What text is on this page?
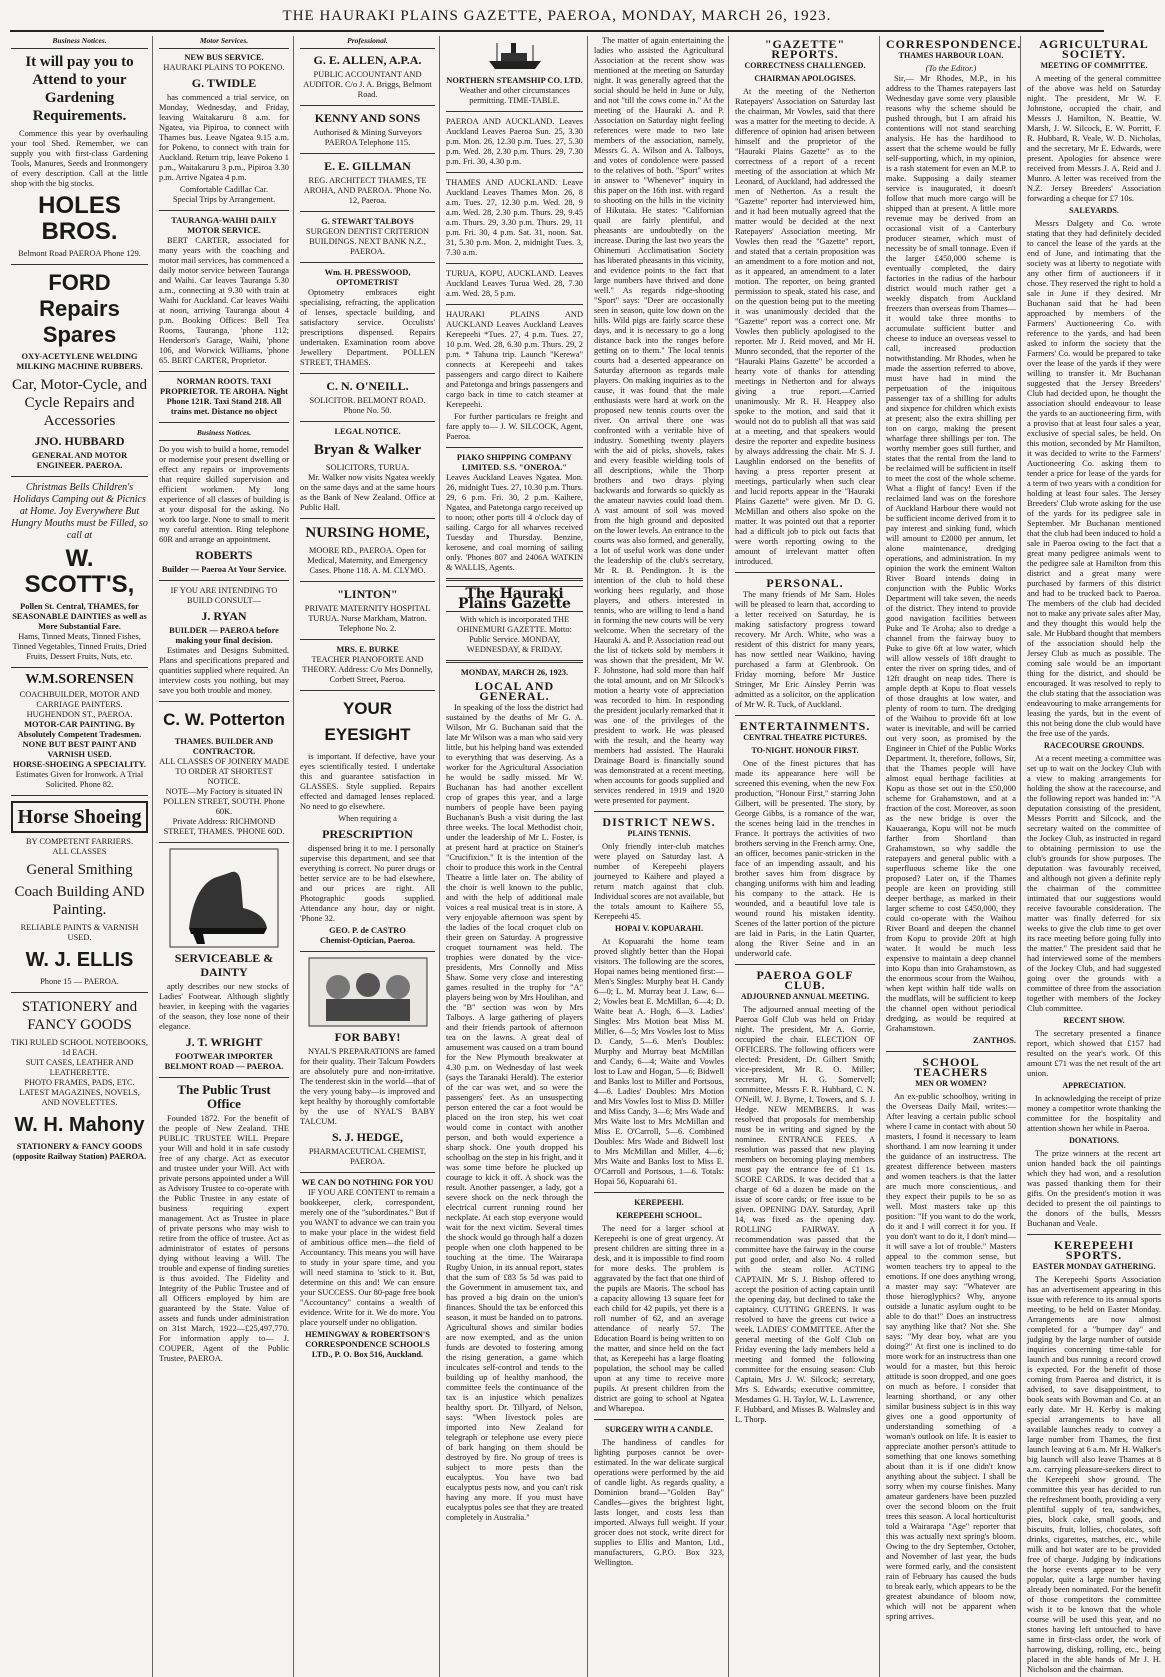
THE HAURAKI PLAINS GAZETTE, PAEROA, MONDAY, MARCH 26, 1923.
Business Notices.
It will pay you to Attend to your Gardening Requirements.

Commence this year by overhauling your tool Shed. Remember, we can supply you with first-class Gardening Tools, Manures, Seeds and Ironmongery of every description. Call at the little shop with the big stocks.

HOLES BROS.
Belmont Road PAEROA Phone 129.
FORD Repairs Spares
OXY-ACETYLENE WELDING
MILKING MACHINE RUBBERS.
Car, Motor-Cycle, and Cycle Repairs and Accessories
JNO. HUBBARD
GENERAL AND MOTOR ENGINEER. PAEROA.
Christmas Bells Children's Holidays Camping out & Picnics at Home. Joy Everywhere But Hungry Mouths must be Filled, so call at
W. SCOTT'S,
Pollen St. Central, THAMES, for SEASONABLE DAINTIES as well as More Substantial Fare.
Hams, Tinned Meats, Tinned Fishes, Tinned Vegetables, Tinned Fruits, Dried Fruits, Dessert Fruits, Nuts, etc.
W.M.SORENSEN
COACHBUILDER, MOTOR AND CARRIAGE PAINTERS. HUGHENDON ST., PAEROA.
MOTOR-CAR PAINTING. By Absolutely Competent Tradesmen.
NONE BUT BEST PAINT AND VARNISH USED.
HORSE-SHOEING A SPECIALITY.
Estimates Given for Ironwork. A Trial Solicited. Phone 82.
Horse Shoeing
BY COMPETENT FARRIERS.
ALL CLASSES
General Smithing
Coach Building AND Painting.
RELIABLE PAINTS & VARNISH USED.
W. J. ELLIS
Phone 15 — PAEROA.
STATIONERY and FANCY GOODS
TIKI RULED SCHOOL NOTEBOOKS, 1d EACH.
SUIT CASES, LEATHER AND LEATHERETTE.
PHOTO FRAMES, PADS, ETC.
LATEST MAGAZINES, NOVELS, AND NOVELETTES.
W. H. Mahony
STATIONERY & FANCY GOODS (opposite Railway Station) PAEROA.
Motor Services.
NEW BUS SERVICE.
HAURAKI PLAINS TO POKENO.
G. TWIDLE

has commenced a trial service, on Monday, Wednesday, and Friday, leaving Waitakaruru 8 a.m. for Ngatea, via Pipiroa, to connect with Thames bus. Leave Ngatea 9.15 a.m. for Pokeno, to connect with train for Auckland. Return trip, leave Pokeno 1 p.m., Waitakaruru 3 p.m., Pipiroa 3.30 p.m. Arrive Ngatea 4 p.m.

Comfortable Cadillac Car.
Special Trips by Arrangement.
TAURANGA-WAIHI DAILY MOTOR SERVICE.

BERT CARTER, associated for many years with the coaching and motor mail services, has commenced a daily motor service between Tauranga and Waihi. Car leaves Tauranga 5.30 a.m., connecting at 9.30 with train at Waihi for Auckland. Car leaves Waihi at noon, arriving Tauranga about 4 p.m. Booking Offices: Bell Tea Rooms, Tauranga, 'phone 112; Henderson's Garage, Waihi, 'phone 106, and Worwick Williams, 'phone 65. BERT CARTER, Proprietor.

NORMAN ROOTS. TAXI PROPRIETOR. TE AROHA. Night Phone 121R. Taxi Stand 218. All trains met. Distance no object
Business Notices.

Do you wish to build a home, remodel or modernise your present dwelling or effect any repairs or improvements that require skilled supervision and efficient workmen. My long experience of all classes of building is at your disposal for the asking. No work too large. None to small to merit my careful attention. Ring telephone 60R and arrange an appointment.

ROBERTS
Builder — Paeroa At Your Service.
IF YOU ARE INTENDING TO BUILD CONSULT—
J. RYAN
BUILDER — PAEROA before making your final decision.

Estimates and Designs Submitted. Plans and specifications prepared and quantities supplied where required. An interview costs you nothing, but may save you both trouble and money.

C. W. Potterton
THAMES. BUILDER AND CONTRACTOR.
ALL CLASSES OF JOINERY MADE TO ORDER AT SHORTEST NOTICE.
NOTE—My Factory is situated IN POLLEN STREET, SOUTH. Phone 60K.
Private Address: RICHMOND STREET, THAMES. 'PHONE 60D.
SERVICEABLE & DAINTY

aptly describes our new stocks of Ladies' Footwear. Although slightly heavier, in keeping with the vagaries of the season, they lose none of their elegance.

J. T. WRIGHT
FOOTWEAR IMPORTER BELMONT ROAD — PAEROA.
The Public Trust Office

Founded 1872. For the benefit of the people of New Zealand. THE PUBLIC TRUSTEE WILL Prepare your Will and hold it in safe custody free of any charge. Act as executor and trustee under your Will. Act with private persons appointed under a Will as Advisory Trustee to co-operate with the Public Trustee in any estate of business requiring expert management. Act as Trustee in place of private persons who may wish to retire from the office of trustee. Act as administrator of estates of persons dying without leaving a Will. The trouble and expense of finding sureties is thus avoided. The Fidelity and Integrity of the Public Trustee and of all Officers employed by him are guaranteed by the State. Value of assets and funds under administration on 31st March, 1922—£25,497,770. For information apply to— J. COUPER, Agent of the Public Trustee, PAEROA.

Professional.
G. E. ALLEN, A.P.A.
PUBLIC ACCOUNTANT AND AUDITOR. C/o J. A. Briggs, Belmont Road.
KENNY AND SONS
Authorised & Mining Surveyors PAEROA Telephone 115.
E. E. GILLMAN
REG. ARCHITECT THAMES, TE AROHA, AND PAEROA. 'Phone No. 12, Paeroa.
G. STEWART TALBOYS
SURGEON DENTIST CRITERION BUILDINGS. NEXT BANK N.Z., PAEROA.
Wm. H. PRESSWOOD, OPTOMETRIST

Optometry embraces eight specialising, refracting, the application of lenses, spectacle building, and satisfactory service. Occulists' prescriptions dispensed. Repairs undertaken. Examination room above Jewellery Department. POLLEN STREET, THAMES.

C. N. O'NEILL.
SOLICITOR. BELMONT ROAD. Phone No. 50.
LEGAL NOTICE.
Bryan & Walker
SOLICITORS, TURUA.

Mr. Walker now visits Ngatea weekly on the same days and at the same hours as the Bank of New Zealand. Office at Public Hall.

NURSING HOME,
MOORE RD., PAEROA. Open for Medical, Maternity, and Emergency Cases. Phone 118. A. M. CLYMO.
"LINTON"
PRIVATE MATERNITY HOSPITAL TURUA. Nurse Markham, Matron. Telephone No. 2.
MRS. E. BURKE
TEACHER PIANOFORTE AND THEORY. Address: C/o Mrs Donnelly, Corbett Street, Paeroa.
YOUR EYESIGHT

is important. If defective, have your eyes scientifically tested. I undertake this and guarantee satisfaction in GLASSES. Style supplied. Repairs effected and damaged lenses replaced. No need to go elsewhere.

When requiring a
PRESCRIPTION

dispensed bring it to me. I personally supervise this department, and see that everything is correct. No purer drugs or better service are to be had elsewhere, and our prices are right. All Photographic goods supplied. Attendance any hour, day or night. 'Phone 32.

GEO. P. de CASTRO
Chemist-Optician, Paeroa.
FOR BABY!

NYAL'S PREPARATIONS are famed for their quality. Their Talcum Powders are absolutely pure and non-irritative. The tenderest skin in the world—that of the very young baby—is improved and kept healthy by thoroughly comfortable by the use of NYAL'S BABY TALCUM.

S. J. HEDGE,
PHARMACEUTICAL CHEMIST, PAEROA.
WE CAN DO NOTHING FOR YOU

IF YOU ARE CONTENT to remain a bookkeeper, clerk, correspondent, merely one of the "subordinates." But if you WANT to advance we can train you to make your place in the widest field of ambitious office men—the field of Accountancy. This means you will have to study in your spare time, and you will need stamina to 'stick to it. But, determine on this and! We can ensure your SUCCESS. Our 80-page free book "Accountancy" contains a wealth of evidence. Write for it. We do more. You place yourself under no obligation.

HEMINGWAY & ROBERTSON'S CORRESPONDENCE SCHOOLS LTD., P. O. Box 516, Auckland.
NORTHERN STEAMSHIP CO. LTD.
Weather and other circumstances permitting. TIME-TABLE.

PAEROA AND AUCKLAND. Leaves Auckland Leaves Paeroa Sun. 25, 3.30 p.m. Mon. 26, 12.30 p.m. Tues. 27, 5.30 p.m. Wed. 28, 2.30 p.m. Thurs. 29, 7.30 p.m. Fri. 30, 4.30 p.m.

THAMES AND AUCKLAND. Leave Auckland Leaves Thames Mon. 26, 8 a.m. Tues. 27, 12.30 p.m. Wed. 28, 9 a.m. Wed. 28, 2.30 p.m. Thurs. 29, 9.45 a.m. Thurs. 29, 3.30 p.m. Thurs. 29, 11 p.m. Fri. 30, 4 p.m. Sat. 31, noon. Sat. 31, 5.30 p.m. Mon. 2, midnight Tues. 3, 7.30 a.m.

TURUA, KOPU, AUCKLAND. Leaves Auckland Leaves Turua Wed. 28, 7.30 a.m. Wed. 28, 5 p.m.

HAURAKI PLAINS AND AUCKLAND Leaves Auckland Leaves Kerepeehi *Tues. 27, 4 p.m. Tues. 27, 10 p.m. Wed. 28, 6.30 p.m. Thurs. 29, 2 p.m. * Tahuna trip. Launch "Kerewa" connects at Kerepeehi and takes passengers and cargo direct to Kaihere and Patetonga and brings passengers and cargo back in time to catch steamer at Kerepeehi.

For further particulars re freight and fare apply to— J. W. SILCOCK, Agent, Paeroa.

PIAKO SHIPPING COMPANY LIMITED. S.S. "ONEROA."

Leaves Auckland Leaves Ngatea. Mon. 26, midnight Tues. 27, 10.30 p.m. Thurs. 29, 6 p.m. Fri. 30, 2 p.m. Kaihere, Ngatea, and Patetonga cargo received up to noon; other ports till 4 o'clock day of sailing. Cargo for all wharves received Tuesday and Thursday. Benzine, kerosene, and coal morning of sailing only. 'Phones 807 and 2406A WATKIN & WALLIS, Agents.

The Hauraki Plains Gazette
With which is incorporated THE OHINEMURI GAZETTE. Motto: Public Service. MONDAY, WEDNESDAY, & FRIDAY.
MONDAY, MARCH 26, 1923.
LOCAL AND GENERAL.

In speaking of the loss the district had sustained by the deaths of Mr G. A. Wilson, Mr G. Buchanan said that the late Mr Wilson was a man who said very little, but his helping hand was extended to everything that was deserving. As a worker for the Agricultural Association he would be sadly missed. Mr W. Buchanan has had another excellent crop of grapes this year, and a large numbers of people have been paying Buchanan's Bush a visit during the last three weeks. The local Methodist choir, under the leadership of Mr L. Foster, is at present hard at practice on Stainer's "Crucifixion." It is the intention of the choir to produce this work in the Central Theatre a little later on. The ability of the choir is well known to the public, and with the help of additional male voices a real musical treat is in store. A very enjoyable afternoon was spent by the ladies of the local croquet club on their green on Saturday. A progressive croquet tournament was held. The trophies were donated by the vice-presidents, Mrs Connolly and Miss Shaw. Some very close and interesting games resulted in the trophy for "A" players being won by Mrs Houlihan, and the "B" section was won by Mrs Talboys. A large gathering of players and their friends partook of afternoon tea on the lawns. A great deal of amusement was caused on a tram bound for the New Plymouth breakwater at 4.30 p.m. on Wednesday of last week (says the Taranaki Herald). The exterior of the car was wet, and so were the passengers' feet. As an unsuspecting person entered the car a foot would be placed on the iron step, his wet coat would come in contact with another person, and both would experience a sharp shock. One youth dropped his schoolbag on the step in his fright, and it was some time before he plucked up courage to kick it off. A shock was the result. Another passenger, a lady, got a severe shock on the neck through the electrical current running round her neckplate. At each stop everyone would wait for the next victim. Several times the shock would go through half a dozen people when one cloth happened to be touching at the time. The Wairarapa Rugby Union, in its annual report, states that the sum of £83 5s 5d was paid to the Government in amusement tax, and has proved a big drain on the union's finances. Should the tax be enforced this season, it must be handed on to patrons. Agricultural shows and similar bodies are now exempted, and as the union funds are devoted to fostering among the rising generation, a game which inculcates self-control and tends to the building up of healthy manhood, the committee feels the continuance of the tax is an injustice which penalizes healthy sport. Dr. Tillyard, of Nelson, says: "When livestock poles are imported into New Zealand for telegraph or telephone use every piece of bark hanging on them should be destroyed by fire. No group of trees is subject to more pests than the eucalyptus. You have two bad eucalyptus pests now, and you can't risk having any more. If you must have eucalyptus poles see that they are treated completely in Australia."

The matter of again entertaining the ladies who assisted the Agricultural Association at the recent show was mentioned at the meeting on Saturday night. It was generally agreed that the social should be held in June or July, and not "till the cows come in." At the meeting of the Hauraki A. and P. Association on Saturday night feeling references were made to two late members of the association, namely, Messrs G. A. Wilson and A. Talboys, and votes of condolence were passed to the relatives of both. "Sport" writes in answer to "Whenever" inquiry in this paper on the 16th inst. with regard to shooting on the hills in the vicinity of Hikutaia. He states: "Californian quail are fairly plentiful, and pheasants are undoubtedly on the increase. During the last two years the Ohinemuri Acclimatisation Society has liberated pheasants in this vicinity, and evidence points to the fact that large numbers have thrived and done well." As regards ridge-shooting "Sport" says: "Deer are occasionally seen in season, quite low down on the hills. Wild pigs are fairly scarce these days, and it is necessary to go a long distance back into the ranges before getting on to them." The local tennis courts had a deserted appearance on Saturday afternoon as regards male players. On making inquiries as to the cause, it was found that the male enthusiasts were hard at work on the proposed new tennis courts over the river. On arrival there one was confronted with a veritable hive of industry. Something twenty players with the aid of picks, shovels, rakes and every feasible wielding tools of all descriptions, while the Thorp brothers and two drays plying backwards and forwards so quickly as the amateur navvies could load them. A vast amount of soil was moved from the high ground and deposited on the lower levels. An entrance to the courts was also formed, and generally, a lot of useful work was done under the leadership of the club's secretary, Mr R. B. Pendington. It is the intention of the club to hold these working bees regularly, and those players, and others interested in tennis, who are willing to lend a hand in forming the new courts will be very welcome. When the secretary of the Hauraki A. and P. Association read out the list of tickets sold by members it was shown that the president, Mr W. F. Johnstone, had sold more than half the total amount, and on Mr Silcock's motion a hearty vote of appreciation was recorded to him. In responding the president jocularly remarked that it was one of the privileges of the president to work. He was pleased with the result, and the hearty way members had assisted. The Hauraki Drainage Board is financially sound was demonstrated at a recent meeting, when accounts for goods supplied and services rendered in 1919 and 1920 were presented for payment.

DISTRICT NEWS.
PLAINS TENNIS.

Only friendly inter-club matches were played on Saturday last. A number of Kerepeehi players journeyed to Kaihere and played a return match against that club. Individual scores are not available, but the totals amount to Kaihere 55, Kerepeehi 45.

HOPAI V. KOPUARAHI.

At Kopuarahi the home team proved slightly better than the Hopai visitors. The following are the scores, Hopai names being mentioned first:— Men's Singles: Murphy beat H. Candy 6—0; L. M. Murray beat J. Law, 6—2; Vowles beat E. McMillan, 6—4; D. Waite beat A. Hogh, 6—3. Ladies' Singles: Mrs Motion beat Miss M. Miller, 6—5; Mrs Vowles lost to Miss D. Candy, 5—6. Men's Doubles: Murphy and Murray beat McMillan and Candy, 6—4; Waite and Vowles lost to Law and Hogan, 5—6; Bidwell and Banks lost to Miller and Portsous, 4—6. Ladies' Doubles: Mrs Motion and Mrs Vowles lost to Miss D. Miller and Miss Candy, 3—6; Mrs Wade and Mrs Waite lost to Mrs McMillan and Miss E. O'Carroll, 5—6. Combined Doubles: Mrs Wade and Bidwell lost to Mrs McMillan and Miller, 4—6; Mrs Waite and Banks lost to Miss E. O'Carroll and Portsous, 1—6. Totals: Hopai 56, Kopuarahi 61.

KEREPEEHI.
KEREPEEHI SCHOOL.

The need for a larger school at Kerepeehi is one of great urgency. At present children are sitting three in a desk, and it is impossible to find room for more desks. The problem is aggravated by the fact that one third of the pupils are Maoris. The school has a capacity allowing 13 square feet for each child for 42 pupils, yet there is a roll number of 62, and an average attendance of nearly 57. The Education Board is being written to on the matter, and since held on the fact that, as Kerepeehi has a large floating population, the school may be called upon at any time to receive more pupils. At present children from the district are going to school at Ngatea and Wharepoa.

SURGERY WITH A CANDLE.

The handiness of candles for lighting purposes cannot be over-estimated. In the war delicate surgical operations were performed by the aid of candle light. As regards quality, a Dominion brand—"Golden Bay" Candles—gives the brightest light, lasts longer, and costs less than imported. Always full weight. If your grocer does not stock, write direct for supplies to Ellis and Manton, Ltd., manufacturers, G.P.O. Box 323, Wellington.

"GAZETTE" REPORTS.
CORRECTNESS CHALLENGED.
CHAIRMAN APOLOGISES.

At the meeting of the Netherton Ratepayers' Association on Saturday last the chairman, Mr Vowles, said that there was a matter for the meeting to decide. A difference of opinion had arisen between himself and the proprietor of the "Hauraki Plains Gazette" as to the correctness of a report of a recent meeting of the association at which Mr Leonard, of Auckland, had addressed the men of Netherton. As a result the "Gazette" reporter had interviewed him, and it had been mutually agreed that the matter would be decided at the next Ratepayers' Association meeting. Mr Vowles then read the "Gazette" report, and stated that a certain proposition was an amendment to a fore motion and not, as it appeared, an amendment to a later motion. The reporter, on being granted permission to speak, stated his case, and on the question being put to the meeting it was unanimously decided that the "Gazette" report was a correct one. Mr Vowles then publicly apologised to the reporter. Mr J. Reid moved, and Mr H. Munro seconded, that the reporter of the "Hauraki Plains Gazette" be accorded a hearty vote of thanks for attending meetings in Netherton and for always giving a true report.—Carried unanimously. Mr R. H. Heappey also spoke to the motion, and said that it would not do to publish all that was said at a meeting, and that speakers would desire the reporter and expedite business by always addressing the chair. Mr S. J. Laughlin endorsed on the benefits of having a press reporter present at meetings, particularly when such clear and lucid reports appear in the "Hauraki Plains Gazette" were given. Mr D. G. McMillan and others also spoke on the matter. It was pointed out that a reporter had a difficult job to pick out facts that were worth reporting owing to the amount of irrelevant matter often introduced.

PERSONAL.

The many friends of Mr Sam. Holes will be pleased to learn that, according to a letter received on Saturday, he is making satisfactory progress toward recovery. Mr Arch. White, who was a resident of this district for many years, has now settled near Waikino, having purchased a farm at Glenbrook. On Friday morning, before Mr Justice Stringer, Mr Eric Ainsley Perrin was admitted as a solicitor, on the application of Mr W. R. Tuck, of Auckland.

ENTERTAINMENTS.
CENTRAL THEATRE PICTURES.
TO-NIGHT. HONOUR FIRST.

One of the finest pictures that has made its appearance here will be screened this evening, when the new Fox production, "Honour First," starring John Gilbert, will be presented. The story, by George Gibbs, is a romance of the war, the scenes being laid in the trenches in France. It portrays the activities of two brothers serving in the French army. One, an officer, becomes panic-stricken in the face of an impending assault, and his brother saves him from disgrace by changing uniforms with him and leading his company to the attack. He is wounded, and a beautiful love tale is wound round his mistaken identity. Scenes of the latter portion of the picture are laid in Paris, in the Latin Quarter, along the River Seine and in an underworld cafe.

PAEROA GOLF CLUB.
ADJOURNED ANNUAL MEETING.

The adjourned annual meeting of the Paeroa Golf Club was held on Friday night. The president, Mr A. Gorrie, occupied the chair. ELECTION OF OFFICERS. The following officers were elected: President, Dr. Gilbert Smith; vice-president, Mr R. O. Miller; secretary, Mr H. G. Somervell; committee, Messrs F. R. Hubbard, C. N. O'Neill, W. J. Byrne, I. Towers, and S. J. Hedge. NEW MEMBERS. It was resolved that proposals for membership must be in writing and signed by the nominee. ENTRANCE FEES. A resolution was passed that new playing members on becoming playing members must pay the entrance fee of £1 1s. SCORE CARDS. It was decided that a charge of 6d a dozen be made on the issue of score cards; or free issue to be given. OPENING DAY. Saturday, April 14, was fixed as the opening day. ROLLING FAIRWAY. A recommendation was passed that the committee have the fairway in the course put good order, and also No. 4 rolled with the steam roller. ACTING CAPTAIN. Mr S. J. Bishop offered to accept the position of acting captain until the opening day, but declined to take the captaincy. CUTTING GREENS. It was resolved to have the greens cut twice a week. LADIES' COMMITTEE. After the general meeting of the Golf Club on Friday evening the lady members held a meeting and formed the following committee for the ensuing season: Club Captain, Mrs J. W. Silcock; secretary, Mrs S. Edwards; executive committee, Mesdames G. H. Taylor, W. L. Lawrence, F. Hubbard, and Misses B. Walmsley and L. Thorp.

CORRESPONDENCE.
THAMES HARBOUR LOAN.
(To the Editor.)

Sir,— Mr Rhodes, M.P., in his address to the Thames ratepayers last Wednesday gave some very plausible reasons why the scheme should be pushed through, but I am afraid his contentions will not stand searching analysis. He has the hardihood to assert that the scheme would be fully self-supporting, which, in my opinion, is a rash statement for even an M.P. to make. Supposing a daily steamer service is inaugurated, it doesn't follow that much more cargo will be shipped than at present. A little more revenue may be derived from an occasional visit of a Canterbury producer steamer, which must of necessity be of small tonnage. Even if the larger £450,000 scheme is eventually completed, the dairy factories in the radius of the harbour district would much rather get a weekly dispatch from Auckland freezers than overseas from Thames—it would take three months to accumulate sufficient butter and cheese to induce an overseas vessel to call, increased production notwithstanding. Mr Rhodes, when he made the assertion referred to above, must have had in mind the perpetuation of the iniquitous passenger tax of a shilling for adults and sixpence for children which exists at present; also the extra shilling per ton on cargo, making the present wharfage three shillings per ton. The worthy member goes still further, and states that the rental from the land to be reclaimed will be sufficient in itself to meet the cost of the whole scheme. What a flight of fancy! Even if the reclaimed land was on the foreshore of Auckland Harbour there would not be sufficient income derived from it to pay interest and sinking fund, which will amount to £2000 per annum, let alone maintenance, dredging operations, and administration. In my opinion the work the eminent Walton River Board intends doing in conjunction with the Public Works Department will take seven, the needs of the district. They intend to provide good navigation facilities between Puke and Te Aroha; also to dredge a channel from the fairway buoy to Puke to give 6ft at low water, which will allow vessels of 18ft draught to enter the river on spring tides, and of 12ft draught on neap tides. There is ample depth at Kopu to float vessels of those draughts at low water, and plenty of room to turn. The dredging of the Waihou to provide 6ft at low water is inevitable, and will be carried out very soon, as promised by the Engineer in Chief of the Public Works Department. It, therefore, follows, Sir, that the Thames people will have almost equal berthage facilities at Kopu as those set out in the £50,000 scheme for Grahamstown, and at a fraction of the cost. Moreover, as soon as the new bridge is over the Kauaeranga, Kopu will not be much farther from Shortland than Grahamstown, so why saddle the ratepayers and general public with a superfluous scheme like the one proposed? Later on, if the Thames people are keen on providing still deeper berthage, as marked in their larger scheme to cost £450,000, they could co-operate with the Waihou River Board and deepen the channel from Kopu to provide 20ft at high water. It would be much less expensive to maintain a deep channel into Kopu than into Grahamstown, as the enormous scour from the Waihou, when kept within half tide walls on the mudflats, will be sufficient to keep the channel open without periodical dredging, as would be required at Grahamstown.

ZANTHOS.
SCHOOL TEACHERS
MEN OR WOMEN?

An ex-public schoolboy, writing in the Overseas Daily Mail, writes:— After leaving a certain public school where I came in contact with about 50 masters, I found it necessary to learn shorthand. I am now learning it under the guidance of an instructress. The greatest difference between masters and women teachers is that the latter are much more conscientious, and they expect their pupils to be so as well. Most masters take up this position: "If you want to do the work, do it and I will correct it for you. If you don't want to do it, I don't mind—it will save a lot of trouble." Masters appeal to the common sense, but women teachers try to appeal to the emotions. If one does anything wrong, a master may say: "Whatever are those hieroglyphics? Why, anyone outside a lunatic asylum ought to be able to do that!" Does an instructress say anything like that? Not she. She says: "My dear boy, what are you doing?" At first one is inclined to do more work for an instructress than one would for a master, but this heroic attitude is soon dropped, and one goes on much as before. I consider that learning shorthand, or any other similar business subject is in this way gives one a good opportunity of understanding something of a woman's outlook on life. It is easier to appreciate another person's attitude to something that one knows something about than it is if one didn't know anything about the subject. I shall be sorry when my course finishes. Many amateur gardeners have been puzzled over the second bloom on the fruit trees this season. A local horticulturist told a Wairarapa "Age" reporter that this was actually next spring's bloom. Owing to the dry September, October, and November of last year, the buds were formed early, and the consistent rain of February has caused the buds to break early, which appears to be the greatest abundance of bloom now, which will not be apparent when spring arrives.

AGRICULTURAL SOCIETY.
MEETING OF COMMITTEE.

A meeting of the general committee of the above was held on Saturday night. The president, Mr W. F. Johnstone, occupied the chair, and Messrs J. Hamilton, N. Beattie, W. Marsh, J. W. Silcock, E. W. Porritt, F. R. Hubbard, R. Veale, W. D. Nicholas, and the secretary, Mr E. Edwards, were present. Apologies for absence were received from Messrs J. A. Reid and J. Munro. A letter was received from the N.Z. Jersey Breeders' Association forwarding a cheque for £7 10s.

SALEYARDS.

Messrs Dalgety and Co. wrote stating that they had definitely decided to cancel the lease of the yards at the end of June, and intimating that the society was at liberty to negotiate with any other firm of auctioneers if it chose. They reserved the right to hold a sale in June if they desired. Mr Buchanan said that he had been approached by members of the Farmers' Auctioneering Co. with reference to the yards, and had been asked to inform the society that the Farmers' Co. would be prepared to take over the lease of the yards if they were willing to transfer it. Mr Buchanan suggested that the Jersey Breeders' Club had decided upon, he thought the association should endeavour to lease the yards to an auctioneering firm, with a proviso that at least four sales a year, exclusive of special sales, be held. On this motion, seconded by Mr Hamilton, it was decided to write to the Farmers' Auctioneering Co. asking them to tender a price for lease of the yards for a term of two years with a condition for holding at least four sales. The Jersey Breeders' Club wrote asking for the use of the yards for its pedigree sale in September. Mr Buchanan mentioned that the club had been induced to hold a sale in Paeroa owing to the fact that a great many pedigree animals went to the pedigree sale at Hamilton from this district and a great many were purchased by farmers of this district and had to be trucked back to Paeroa. The members of the club had decided not to make any private sales after May, and they thought this would help the sale. Mr Hubbard thought that members of the association should help the Jersey Club as much as possible. The coming sale would be an important thing for the district, and should be encouraged. It was resolved to reply to the club stating that the association was endeavouring to make arrangements for leasing the yards, but in the event of this not being done the club would have the free use of the yards.

RACECOURSE GROUNDS.

At a recent meeting a committee was set up to wait on the Jockey Club with a view to making arrangements for holding the show at the racecourse, and the following report was handed in: "A deputation consisting of the president, Messrs Porritt and Silcock, and the secretary waited on the committee of the Jockey Club, as instructed in regard to obtaining permission to use the club's grounds for show purposes. The deputation was favourably received, and although not given a definite reply the chairman of the committee intimated that our suggestions would receive favourable consideration. The matter was finally deferred for six weeks to give the club time to get over its race meeting before going fully into the matter." The president said that he had interviewed some of the members of the Jockey Club, and had suggested going over the grounds with a committee of three from the association together with members of the Jockey Club committee.

RECENT SHOW.

The secretary presented a finance report, which showed that £157 had resulted on the year's work. Of this amount £71 was the net result of the art union.

APPRECIATION.

In acknowledging the receipt of prize money a competitor wrote thanking the committee for the hospitality and attention shown her while in Paeroa.

DONATIONS.

The prize winners at the recent art union handed back the oil paintings which they had won, and a resolution was passed thanking them for their gifts. On the president's motion it was decided to present the oil paintings to the donors of the bulls, Messrs Buchanan and Veale.

KEREPEEHI SPORTS.
EASTER MONDAY GATHERING.

The Kerepeehi Sports Association has an advertisement appearing in this issue with reference to its annual sports meeting, to be held on Easter Monday. Arrangements are now almost completed for a "bumper day" and judging by the large number of outside inquiries concerning time-table for launch and bus running a record crowd is expected. For the benefit of those coming from Paeroa and district, it is advised, to save disappointment, to book seats with Bowman and Co. at an early date. Mr H. Kerby is making special arrangements to have all available launches ready to convey a large number from Thames, the first launch leaving at 6 a.m. Mr H. Walker's big launch will also leave Thames at 8 a.m. carrying pleasure-seekers direct to the Kerepeehi show ground. The committee this year has decided to run the refreshment booth, providing a very plentiful supply of tea, sandwiches, pies, block cake, small goods, and biscuits, fruit, lollies, chocolates, soft drinks, cigarettes, matches, etc., while milk and hot water are to be provided free of charge. Judging by indications the horse events appear to be very popular, quite a large number having already been nominated. For the benefit of those competitors the committee wish it to be known that the whole course will be used this year, and no stones having left untouched to have same in first-class order, the work of harrowing, disking, rolling, etc., being placed in the able hands of Mr J. H. Nicholson and the chairman.
